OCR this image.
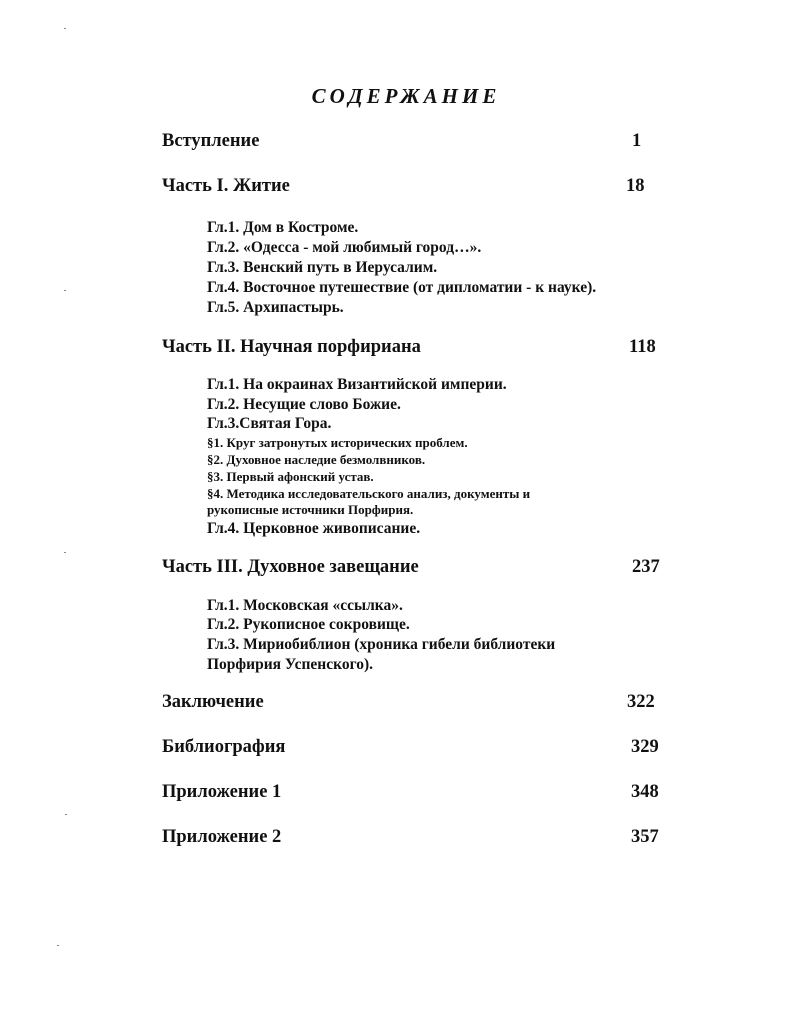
СОДЕРЖАНИЕ
Вступление	1
Часть I. Житие	18
Гл.1. Дом в Костроме.
Гл.2. «Одесса - мой любимый город…».
Гл.3. Венский путь в Иерусалим.
Гл.4. Восточное путешествие (от дипломатии - к науке).
Гл.5. Архипастырь.
Часть II. Научная порфириана	118
Гл.1. На окраинах Византийской империи.
Гл.2. Несущие слово Божие.
Гл.3.Святая Гора.
§1. Круг затронутых исторических проблем.
§2. Духовное наследие безмолвников.
§3. Первый афонский устав.
§4. Методика исследовательского анализ, документы и
рукописные источники Порфирия.
Гл.4. Церковное живописание.
Часть III. Духовное завещание	237
Гл.1. Московская «ссылка».
Гл.2. Рукописное сокровище.
Гл.3. Мириобиблион (хроника гибели библиотеки
Порфирия Успенского).
Заключение	322
Библиография	329
Приложение 1	348
Приложение 2	357
